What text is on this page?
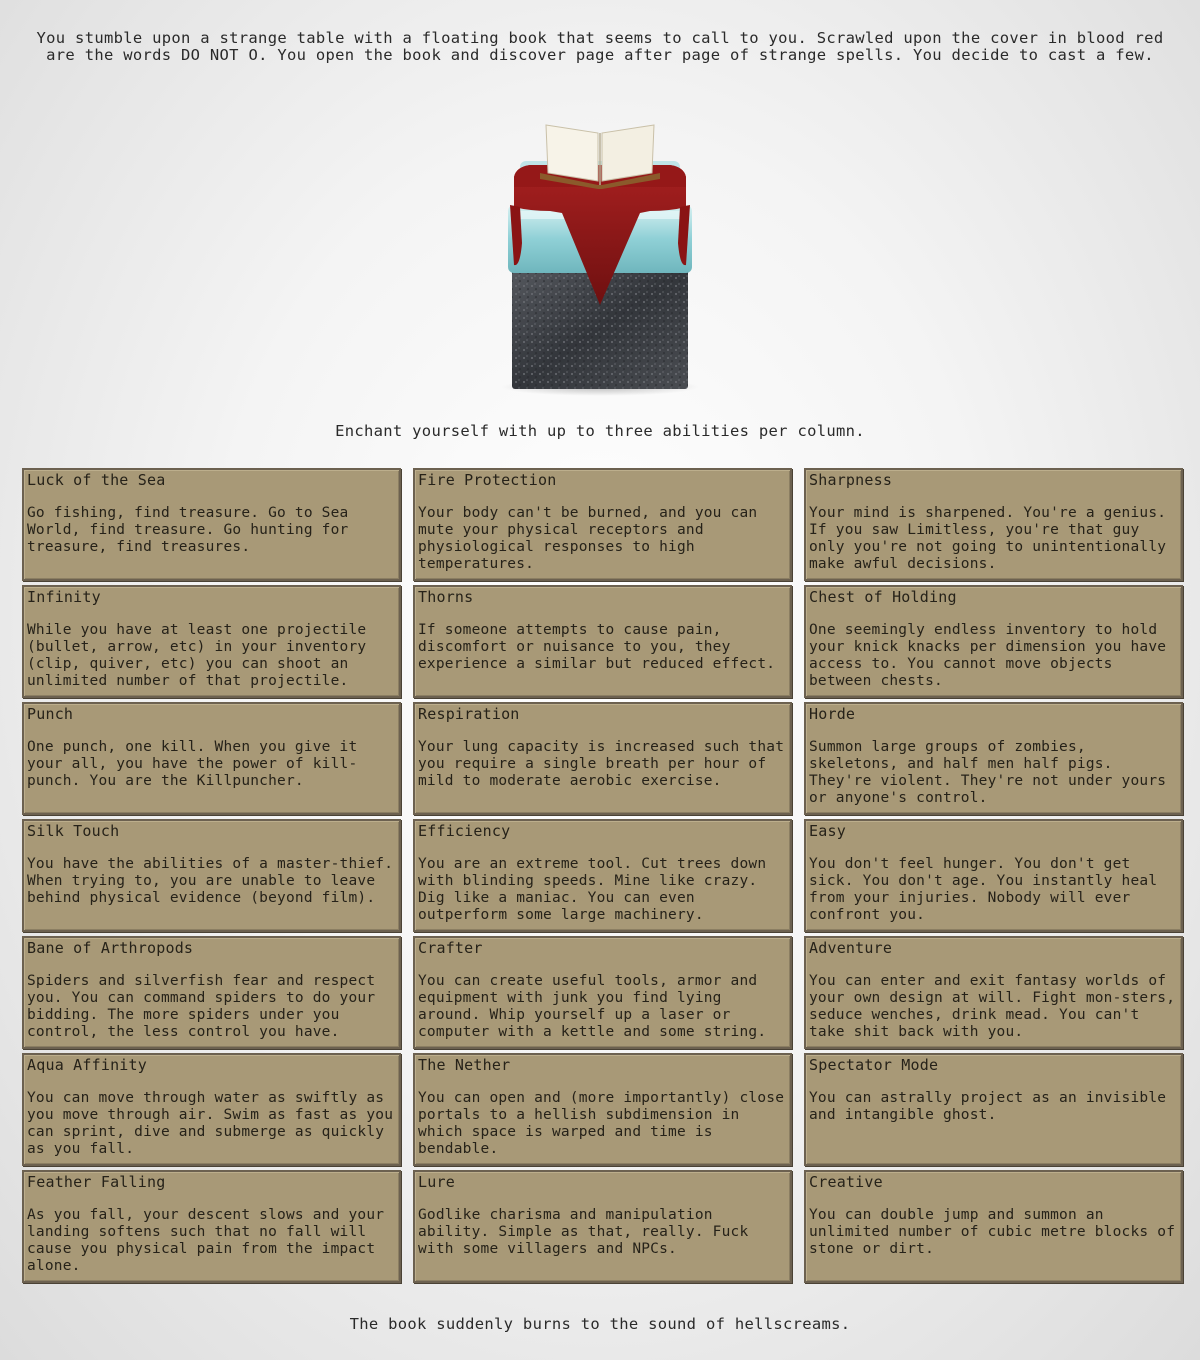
You stumble upon a strange table with a floating book that seems to call to you. Scrawled upon the cover in blood red are the words DO NOT O. You open the book and discover page after page of strange spells. You decide to cast a few.
Enchant yourself with up to three abilities per column.
Luck of the Sea
Go fishing, find treasure. Go to Sea World, find treasure. Go hunting for treasure, find treasures.
Infinity
While you have at least one projectile (bullet, arrow, etc) in your inventory (clip, quiver, etc) you can shoot an unlimited number of that projectile.
Punch
One punch, one kill. When you give it your all, you have the power of kill-punch. You are the Killpuncher.
Silk Touch
You have the abilities of a master-thief. When trying to, you are unable to leave behind physical evidence (beyond film).
Bane of Arthropods
Spiders and silverfish fear and respect you. You can command spiders to do your bidding. The more spiders under you control, the less control you have.
Aqua Affinity
You can move through water as swiftly as you move through air. Swim as fast as you can sprint, dive and submerge as quickly as you fall.
Feather Falling
As you fall, your descent slows and your landing softens such that no fall will cause you physical pain from the impact alone.
Fire Protection
Your body can't be burned, and you can mute your physical receptors and physiological responses to high temperatures.
Thorns
If someone attempts to cause pain, discomfort or nuisance to you, they experience a similar but reduced effect.
Respiration
Your lung capacity is increased such that you require a single breath per hour of mild to moderate aerobic exercise.
Efficiency
You are an extreme tool. Cut trees down with blinding speeds. Mine like crazy. Dig like a maniac. You can even outperform some large machinery.
Crafter
You can create useful tools, armor and equipment with junk you find lying around. Whip yourself up a laser or computer with a kettle and some string.
The Nether
You can open and (more importantly) close portals to a hellish subdimension in which space is warped and time is bendable.
Lure
Godlike charisma and manipulation ability. Simple as that, really. Fuck with some villagers and NPCs.
Sharpness
Your mind is sharpened. You're a genius. If you saw Limitless, you're that guy only you're not going to unintentionally make awful decisions.
Chest of Holding
One seemingly endless inventory to hold your knick knacks per dimension you have access to. You cannot move objects between chests.
Horde
Summon large groups of zombies, skeletons, and half men half pigs. They're violent. They're not under yours or anyone's control.
Easy
You don't feel hunger. You don't get sick. You don't age. You instantly heal from your injuries. Nobody will ever confront you.
Adventure
You can enter and exit fantasy worlds of your own design at will. Fight mon-sters, seduce wenches, drink mead. You can't take shit back with you.
Spectator Mode
You can astrally project as an invisible and intangible ghost.
Creative
You can double jump and summon an unlimited number of cubic metre blocks of stone or dirt.
The book suddenly burns to the sound of hellscreams.
